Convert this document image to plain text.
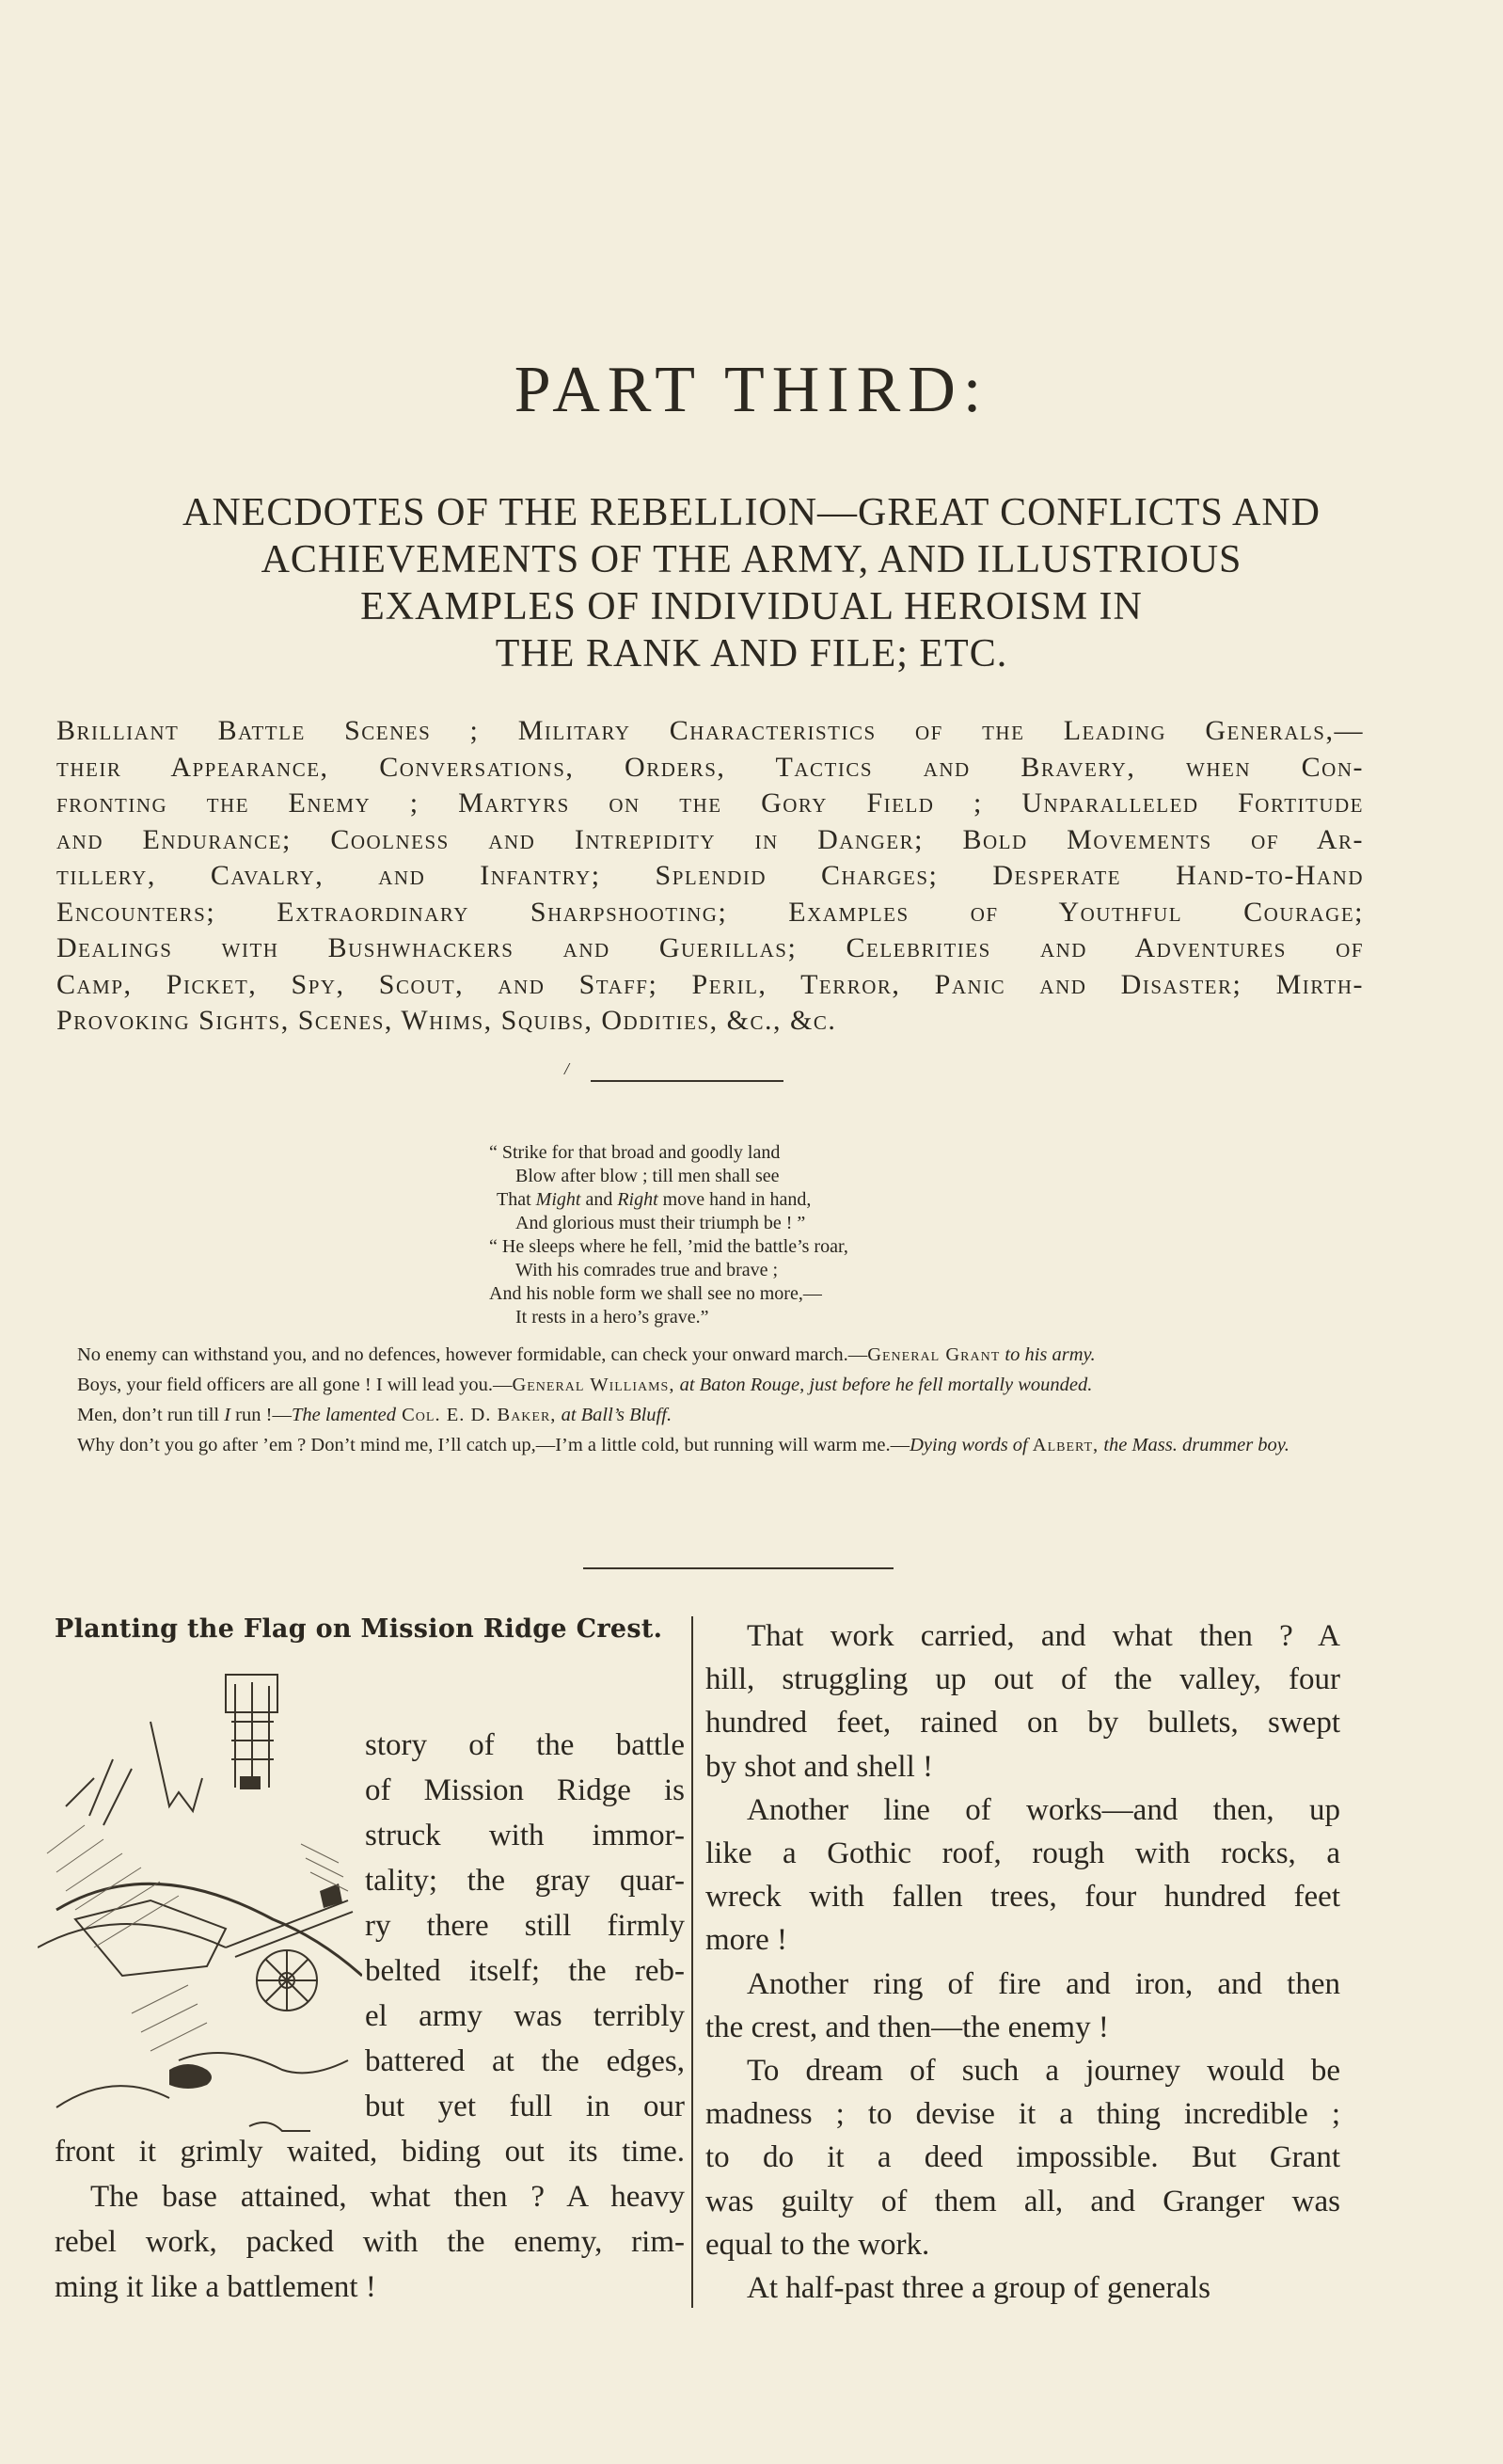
PART THIRD:
ANECDOTES OF THE REBELLION—GREAT CONFLICTS AND
ACHIEVEMENTS OF THE ARMY, AND ILLUSTRIOUS
EXAMPLES OF INDIVIDUAL HEROISM IN
THE RANK AND FILE; ETC.
Brilliant Battle Scenes ; Military Characteristics of the Leading Generals,—
their Appearance, Conversations, Orders, Tactics and Bravery, when Con-
fronting the Enemy ; Martyrs on the Gory Field ; Unparalleled Fortitude
and Endurance; Coolness and Intrepidity in Danger; Bold Movements of Ar-
tillery, Cavalry, and Infantry; Splendid Charges; Desperate Hand-to-Hand
Encounters; Extraordinary Sharpshooting; Examples of Youthful Courage;
Dealings with Bushwhackers and Guerillas; Celebrities and Adventures of
Camp, Picket, Spy, Scout, and Staff; Peril, Terror, Panic and Disaster; Mirth-
Provoking Sights, Scenes, Whims, Squibs, Oddities, &c., &c.
/
“ Strike for that broad and goodly land
Blow after blow ; till men shall see
That Might and Right move hand in hand,
And glorious must their triumph be ! ”
“ He sleeps where he fell, ’mid the battle’s roar,
With his comrades true and brave ;
And his noble form we shall see no more,—
It rests in a hero’s grave.”
No enemy can withstand you, and no defences, however formidable, can check your onward march.—General Grant to his army.
Boys, your field officers are all gone ! I will lead you.—General Williams, at Baton Rouge, just before he fell mortally wounded.
Men, don’t run till I run !—The lamented Col. E. D. Baker, at Ball’s Bluff.
Why don’t you go after ’em ? Don’t mind me, I’ll catch up,—I’m a little cold, but running will warm me.—Dying words of Albert, the Mass. drummer boy.
Planting the Flag on Mission Ridge Crest.
story of the battle
of Mission Ridge is
struck with immor-
tality; the gray quar-
ry there still firmly
belted itself; the reb-
el army was terribly
battered at the edges,
but yet full in our
front it grimly waited, biding out its time.
The base attained, what then ? A heavy
rebel work, packed with the enemy, rim-
ming it like a battlement !
That work carried, and what then ? A
hill, struggling up out of the valley, four
hundred feet, rained on by bullets, swept
by shot and shell !
Another line of works—and then, up
like a Gothic roof, rough with rocks, a
wreck with fallen trees, four hundred feet
more !
Another ring of fire and iron, and then
the crest, and then—the enemy !
To dream of such a journey would be
madness ; to devise it a thing incredible ;
to do it a deed impossible. But Grant
was guilty of them all, and Granger was
equal to the work.
At half-past three a group of generals
